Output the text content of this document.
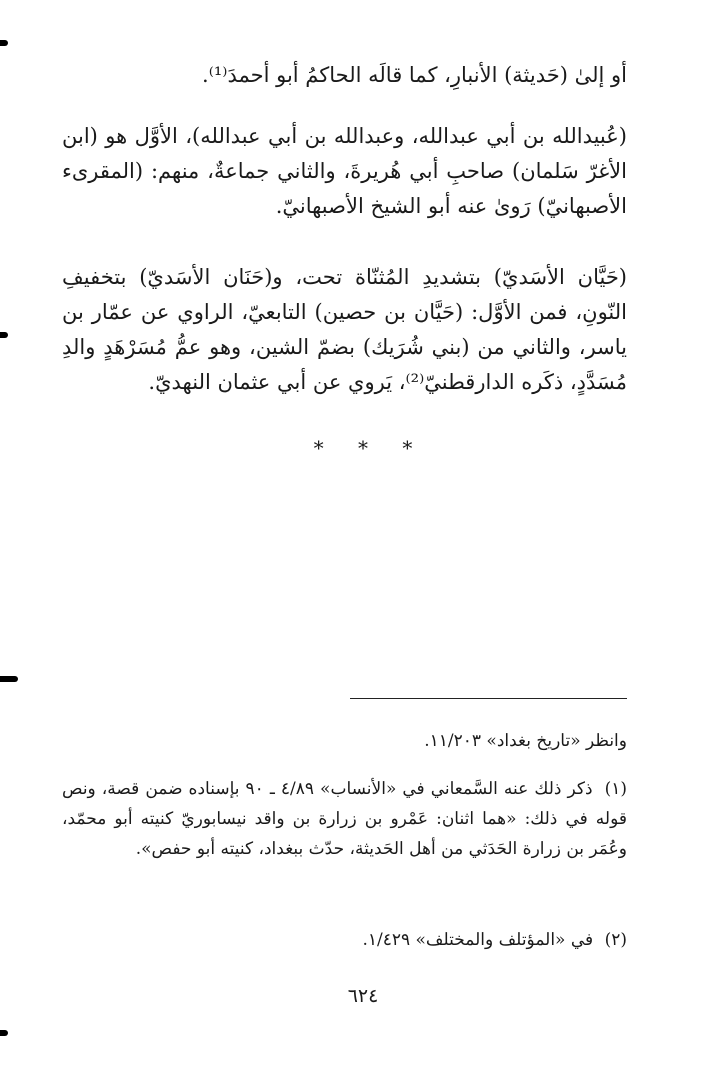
أو إلىٰ (حَديثة) الأنبارِ، كما قالَه الحاكمُ أبو أحمدَ⁽¹⁾.

(عُبيدالله بن أبي عبدالله، وعبدالله بن أبي عبدالله)، الأوَّل هو (ابن الأغرّ سَلمان) صاحبِ أبي هُريرةَ، والثاني جماعةٌ، منهم: (المقرىء الأصبهانيّ) رَوىٰ عنه أبو الشيخ الأصبهانيّ.

(حَيَّان الأسَديّ) بتشديدِ المُثنّاة تحت، و(حَنَان الأسَديّ) بتخفيفِ النّونِ، فمن الأوَّل: (حَيَّان بن حصين) التابعيّ، الراوي عن عمّار بن ياسر، والثاني من (بني شُرَيك) بضمّ الشين، وهو عمُّ مُسَرْهَدٍ والدِ مُسَدَّدٍ، ذكَره الدارقطنيّ⁽²⁾، يَروي عن أبي عثمان النهديّ.

* * *
وانظر «تاريخ بغداد» ١١/٢٠٣.
(١) ذكر ذلك عنه السَّمعاني في «الأنساب» ٤/٨٩ ـ ٩٠ بإسناده ضمن قصة، ونص قوله في ذلك: «هما اثنان: عَمْرو بن زرارة بن واقد نيسابوريّ كنيته أبو محمّد، وعُمَر بن زرارة الحَدَثي من أهل الحَديثة، حدّث ببغداد، كنيته أبو حفص».
(٢) في «المؤتلف والمختلف» ١/٤٢٩.
٦٢٤
